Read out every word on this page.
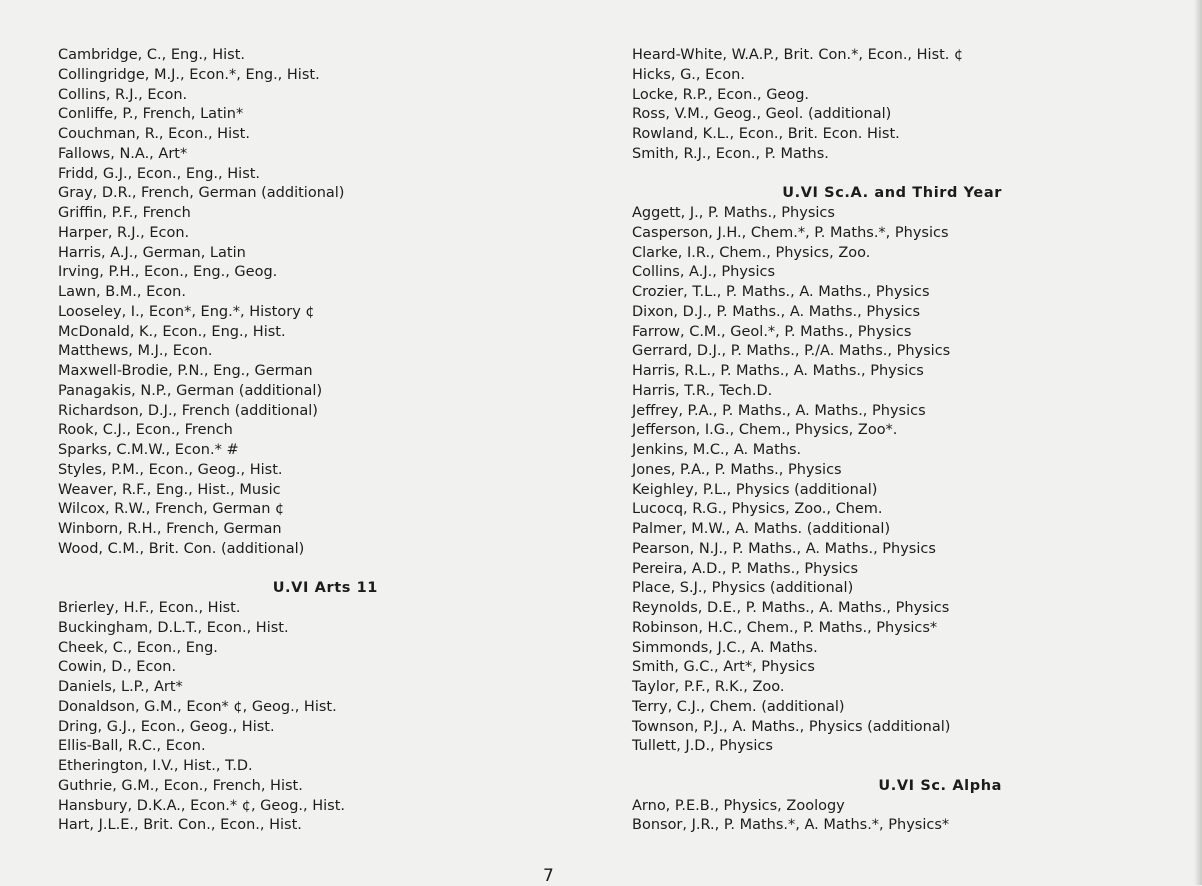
Cambridge, C., Eng., Hist.
Collingridge, M.J., Econ.*, Eng., Hist.
Collins, R.J., Econ.
Conliffe, P., French, Latin*
Couchman, R., Econ., Hist.
Fallows, N.A., Art*
Fridd, G.J., Econ., Eng., Hist.
Gray, D.R., French, German (additional)
Griffin, P.F., French
Harper, R.J., Econ.
Harris, A.J., German, Latin
Irving, P.H., Econ., Eng., Geog.
Lawn, B.M., Econ.
Looseley, I., Econ*, Eng.*, History ¢
McDonald, K., Econ., Eng., Hist.
Matthews, M.J., Econ.
Maxwell-Brodie, P.N., Eng., German
Panagakis, N.P., German (additional)
Richardson, D.J., French (additional)
Rook, C.J., Econ., French
Sparks, C.M.W., Econ.* #
Styles, P.M., Econ., Geog., Hist.
Weaver, R.F., Eng., Hist., Music
Wilcox, R.W., French, German ¢
Winborn, R.H., French, German
Wood, C.M., Brit. Con. (additional)
U.VI Arts 11
Brierley, H.F., Econ., Hist.
Buckingham, D.L.T., Econ., Hist.
Cheek, C., Econ., Eng.
Cowin, D., Econ.
Daniels, L.P., Art*
Donaldson, G.M., Econ* ¢, Geog., Hist.
Dring, G.J., Econ., Geog., Hist.
Ellis-Ball, R.C., Econ.
Etherington, I.V., Hist., T.D.
Guthrie, G.M., Econ., French, Hist.
Hansbury, D.K.A., Econ.* ¢, Geog., Hist.
Hart, J.L.E., Brit. Con., Econ., Hist.
Heard-White, W.A.P., Brit. Con.*, Econ., Hist. ¢
Hicks, G., Econ.
Locke, R.P., Econ., Geog.
Ross, V.M., Geog., Geol. (additional)
Rowland, K.L., Econ., Brit. Econ. Hist.
Smith, R.J., Econ., P. Maths.
U.VI Sc.A. and Third Year
Aggett, J., P. Maths., Physics
Casperson, J.H., Chem.*, P. Maths.*, Physics
Clarke, I.R., Chem., Physics, Zoo.
Collins, A.J., Physics
Crozier, T.L., P. Maths., A. Maths., Physics
Dixon, D.J., P. Maths., A. Maths., Physics
Farrow, C.M., Geol.*, P. Maths., Physics
Gerrard, D.J., P. Maths., P./A. Maths., Physics
Harris, R.L., P. Maths., A. Maths., Physics
Harris, T.R., Tech.D.
Jeffrey, P.A., P. Maths., A. Maths., Physics
Jefferson, I.G., Chem., Physics, Zoo*.
Jenkins, M.C., A. Maths.
Jones, P.A., P. Maths., Physics
Keighley, P.L., Physics (additional)
Lucocq, R.G., Physics, Zoo., Chem.
Palmer, M.W., A. Maths. (additional)
Pearson, N.J., P. Maths., A. Maths., Physics
Pereira, A.D., P. Maths., Physics
Place, S.J., Physics (additional)
Reynolds, D.E., P. Maths., A. Maths., Physics
Robinson, H.C., Chem., P. Maths., Physics*
Simmonds, J.C., A. Maths.
Smith, G.C., Art*, Physics
Taylor, P.F., R.K., Zoo.
Terry, C.J., Chem. (additional)
Townson, P.J., A. Maths., Physics (additional)
Tullett, J.D., Physics
U.VI Sc. Alpha
Arno, P.E.B., Physics, Zoology
Bonsor, J.R., P. Maths.*, A. Maths.*, Physics*
7
